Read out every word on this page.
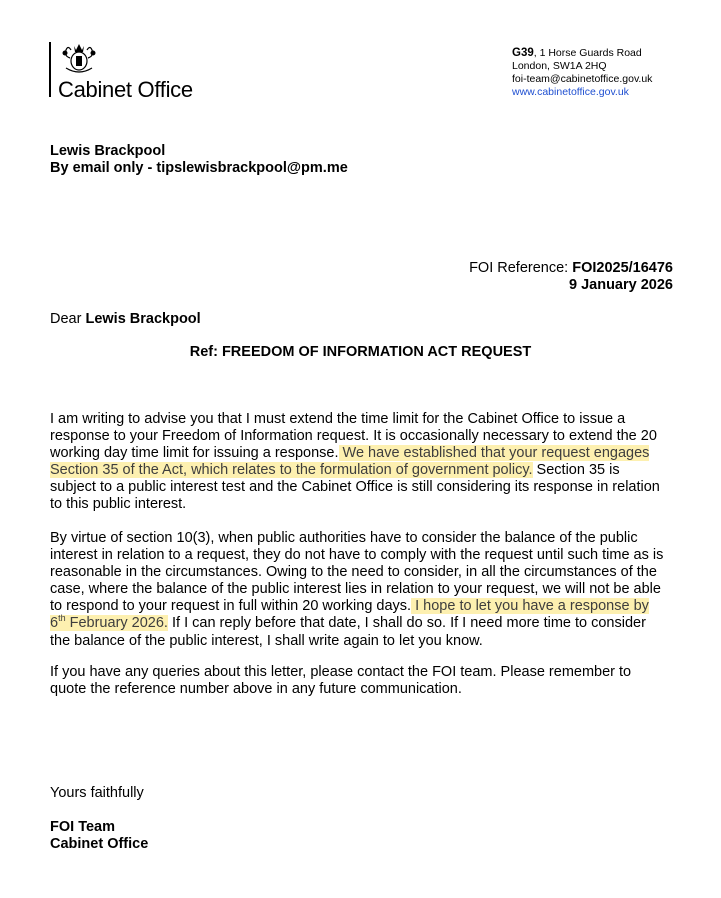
Cabinet Office
G39, 1 Horse Guards Road
London, SW1A 2HQ
foi-team@cabinetoffice.gov.uk
www.cabinetoffice.gov.uk
Lewis Brackpool
By email only - tipslewisbrackpool@pm.me
FOI Reference: FOI2025/16476
9 January 2026
Dear Lewis Brackpool
Ref: FREEDOM OF INFORMATION ACT REQUEST
I am writing to advise you that I must extend the time limit for the Cabinet Office to issue a
response to your Freedom of Information request. It is occasionally necessary to extend the 20
working day time limit for issuing a response. We have established that your request engages
Section 35 of the Act, which relates to the formulation of government policy. Section 35 is
subject to a public interest test and the Cabinet Office is still considering its response in relation
to this public interest.
By virtue of section 10(3), when public authorities have to consider the balance of the public
interest in relation to a request, they do not have to comply with the request until such time as is
reasonable in the circumstances. Owing to the need to consider, in all the circumstances of the
case, where the balance of the public interest lies in relation to your request, we will not be able
to respond to your request in full within 20 working days. I hope to let you have a response by
6th February 2026. If I can reply before that date, I shall do so. If I need more time to consider
the balance of the public interest, I shall write again to let you know.
If you have any queries about this letter, please contact the FOI team. Please remember to
quote the reference number above in any future communication.
Yours faithfully
FOI Team
Cabinet Office
